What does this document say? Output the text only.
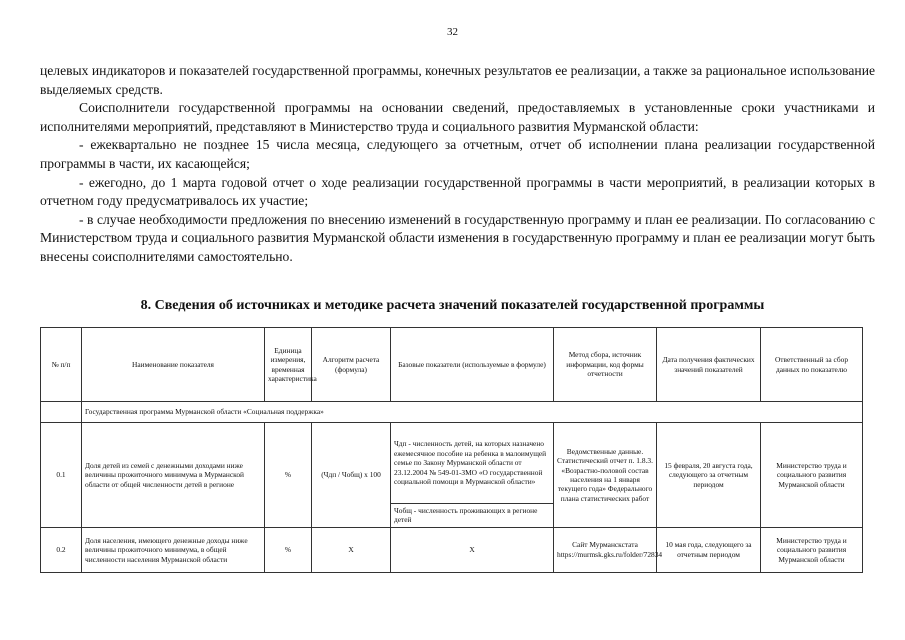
32

целевых индикаторов и показателей государственной программы, конечных результатов ее реализации, а также за рациональное использование выделяемых средств.

Соисполнители государственной программы на основании сведений, предоставляемых в установленные сроки участниками и исполнителями мероприятий, представляют в Министерство труда и социального развития Мурманской области:

- ежеквартально не позднее 15 числа месяца, следующего за отчетным, отчет об исполнении плана реализации государственной программы в части, их касающейся;

- ежегодно, до 1 марта годовой отчет о ходе реализации государственной программы в части мероприятий, в реализации которых в отчетном году предусматривалось их участие;

- в случае необходимости предложения по внесению изменений в государственную программу и план ее реализации. По согласованию с Министерством труда и социального развития Мурманской области изменения в государственную программу и план ее реализации могут быть внесены соисполнителями самостоятельно.

8. Сведения об источниках и методике расчета значений показателей государственной программы
№ п/п	Наименование показателя	Единица измерения, временная характеристика	Алгоритм расчета (формула)	Базовые показатели (используемые в формуле)	Метод сбора, источник информации, код формы отчетности	Дата получения фактических значений показателей	Ответственный за сбор данных по показателю
	Государственная программа Мурманской области «Социальная поддержка»						
0.1	Доля детей из семей с денежными доходами ниже величины прожиточного минимума в Мурманской области от общей численности детей в регионе	%	(Чдп / Чобщ) х 100	Чдп - численность детей, на которых назначено ежемесячное пособие на ребенка в малоимущей семье по Закону Мурманской области от 23.12.2004 № 549-01-ЗМО «О государственной социальной помощи в Мурманской области»	Ведомственные данные. Статистический отчет п. 1.8.3. «Возрастно-половой состав населения на 1 января текущего года» Федерального плана статистических работ	15 февраля, 20 августа года, следующего за отчетным периодом	Министерство труда и социального развития Мурманской области
				Чобщ - численность проживающих в регионе детей			
0.2	Доля населения, имеющего денежные доходы ниже величины прожиточного минимума, в общей численности населения Мурманской области	%	X	X	Сайт Мурманскстата https://murmsk.gks.ru/folder/72834	10 мая года, следующего за отчетным периодом	Министерство труда и социального развития Мурманской области
